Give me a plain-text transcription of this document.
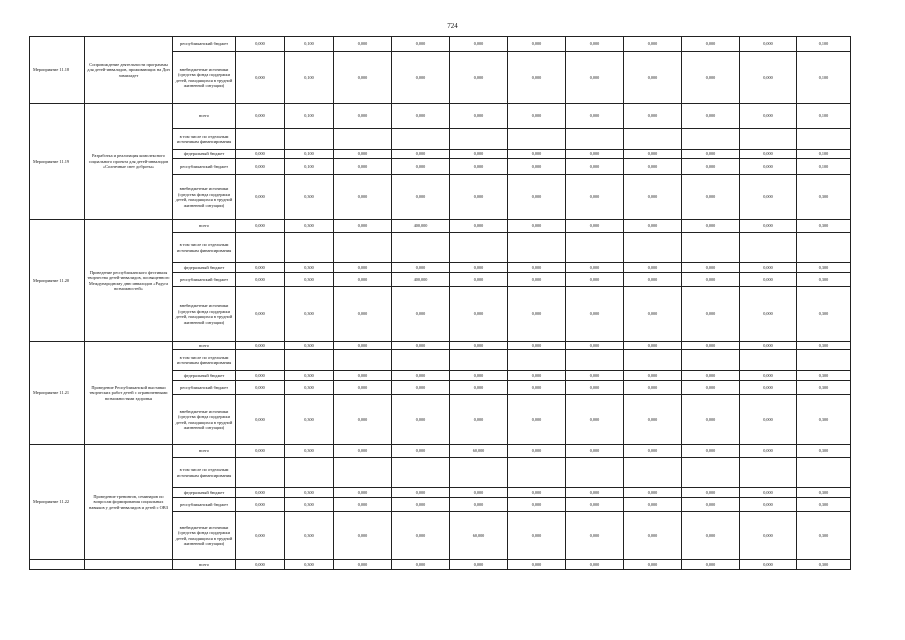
724
Мероприятие 11.18	Сопровождение деятельности программы для детей-инвалидов, проживающих на Дон зимиладет	республиканский бюджет	0,000	0,100	0,000	0,000	0,000	0,000	0,000	0,000	0,000	0,000	0,100
		внебюджетные источники (средства фонда поддержки детей, находящихся в трудной жизненной ситуации)	0,000	0,100	0,000	0,000	0,000	0,000	0,000	0,000	0,000	0,000	0,100
Мероприятие 11.19	Разработка и реализация комплексного социального проекта для детей-инвалидов «Солнечные свет доброты»	всего	0,000	0,100	0,000	0,000	0,000	0,000	0,000	0,000	0,000	0,000	0,100
		в том числе по отдельным источникам финансирования											
		федеральный бюджет	0,000	0,100	0,000	0,000	0,000	0,000	0,000	0,000	0,000	0,000	0,100
		республиканский бюджет	0,000	0,100	0,000	0,000	0,000	0,000	0,000	0,000	0,000	0,000	0,100
		внебюджетные источники (средства фонда поддержки детей, находящихся в трудной жизненной ситуации)	0,000	0,300	0,000	0,000	0,000	0,000	0,000	0,000	0,000	0,000	0,300
Мероприятие 11.20	Проведение республиканского фестиваля творчества детей-инвалидов, посвященного Международному дню инвалидов «Радуга возможностей»	всего	0,000	0,300	0,000	400,000	0,000	0,000	0,000	0,000	0,000	0,000	0,300
		в том числе по отдельным источникам финансирования											
		федеральный бюджет	0,000	0,300	0,000	0,000	0,000	0,000	0,000	0,000	0,000	0,000	0,300
		республиканский бюджет	0,000	0,300	0,000	400,000	0,000	0,000	0,000	0,000	0,000	0,000	0,300
		внебюджетные источники (средства фонда поддержки детей, находящихся в трудной жизненной ситуации)	0,000	0,300	0,000	0,000	0,000	0,000	0,000	0,000	0,000	0,000	0,300
Мероприятие 11.21	Проведение Республиканской выставки творческих работ детей с ограниченными возможностями здоровья	всего	0,000	0,300	0,000	0,000	0,000	0,000	0,000	0,000	0,000	0,000	0,300
		в том числе по отдельным источникам финансирования											
		федеральный бюджет	0,000	0,300	0,000	0,000	0,000	0,000	0,000	0,000	0,000	0,000	0,300
		республиканский бюджет	0,000	0,300	0,000	0,000	0,000	0,000	0,000	0,000	0,000	0,000	0,300
		внебюджетные источники (средства фонда поддержки детей, находящихся в трудной жизненной ситуации)	0,000	0,300	0,000	0,000	0,000	0,000	0,000	0,000	0,000	0,000	0,300
Мероприятие 11.22	Проведение тренингов, семинаров по вопросам формирования социальных навыков у детей-инвалидов и детей с ОВЗ	всего	0,000	0,300	0,000	0,000	60,000	0,000	0,000	0,000	0,000	0,000	0,300
		в том числе по отдельным источникам финансирования											
		федеральный бюджет	0,000	0,300	0,000	0,000	0,000	0,000	0,000	0,000	0,000	0,000	0,300
		республиканский бюджет	0,000	0,300	0,000	0,000	0,000	0,000	0,000	0,000	0,000	0,000	0,300
		внебюджетные источники (средства фонда поддержки детей, находящихся в трудной жизненной ситуации)	0,000	0,300	0,000	0,000	60,000	0,000	0,000	0,000	0,000	0,000	0,300
		всего	0,000	0,300	0,000	0,000	0,000	0,000	0,000	0,000	0,000	0,000	0,300
